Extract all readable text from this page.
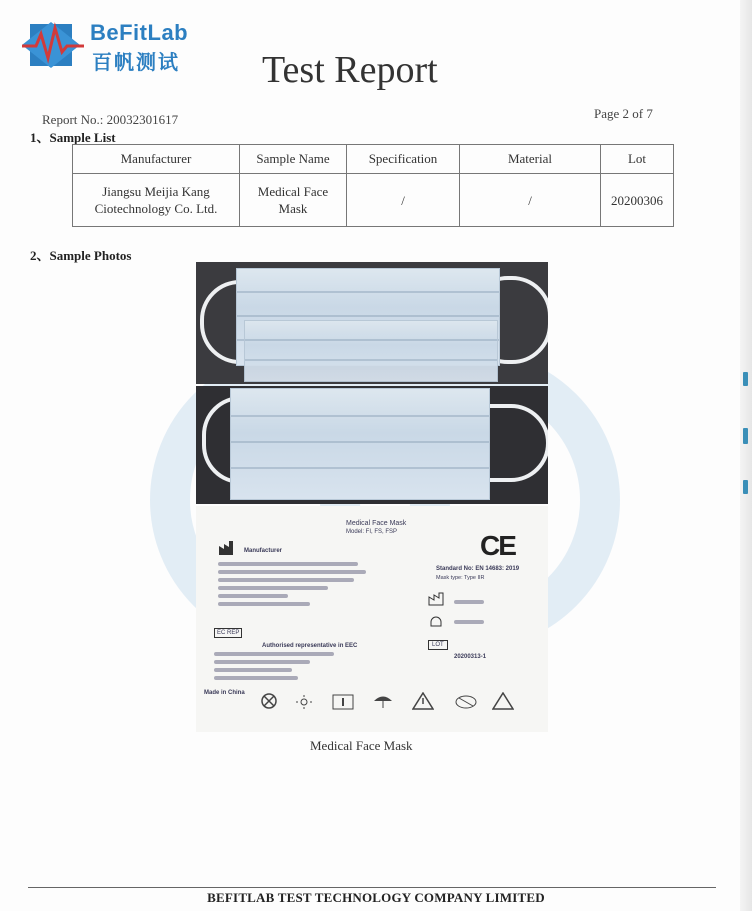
BeFitLab
百帆测试 Test Report
Report No.: 20032301617	Page 2 of 7
1、Sample List
Manufacturer	Sample Name	Specification	Material	Lot
Jiangsu Meijia Kang Ciotechnology Co. Ltd.	Medical Face Mask	/	/	20200306
2、Sample Photos
Medical Face Mask
Model: FI, FS, FSP	CE
Manufacturer
Standard No: EN 14683: 2019
Mask type: Type IIR
EC REP
Authorised representative in EEC	LOT
20200313-1
Made in China
Medical Face Mask
BEFITLAB TEST TECHNOLOGY COMPANY LIMITED
